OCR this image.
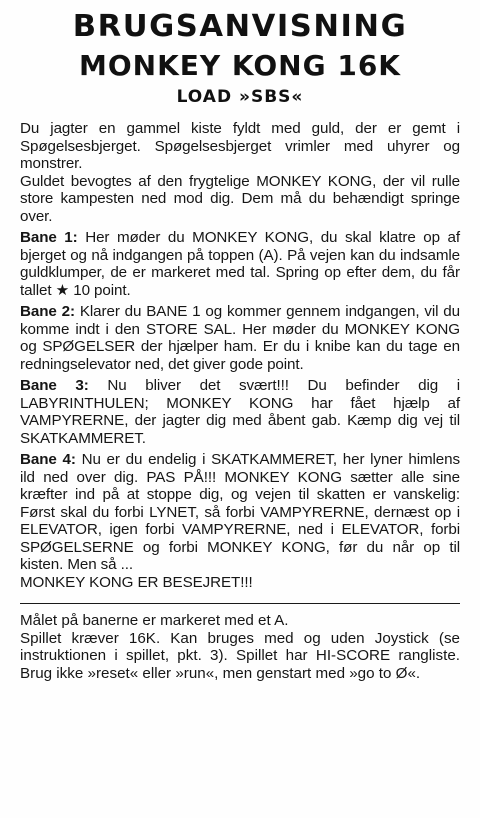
BRUGSANVISNING
MONKEY KONG 16K
LOAD »SBS«

Du jagter en gammel kiste fyldt med guld, der er gemt i Spøgelsesbjerget. Spøgelsesbjerget vrimler med uhyrer og monstrer.

Guldet bevogtes af den frygtelige MONKEY KONG, der vil rulle store kampesten ned mod dig. Dem må du behændigt springe over.

Bane 1: Her møder du MONKEY KONG, du skal klatre op af bjerget og nå indgangen på toppen (A). På vejen kan du indsamle guldklumper, de er markeret med tal. Spring op efter dem, du får tallet ★ 10 point.

Bane 2: Klarer du BANE 1 og kommer gennem indgangen, vil du komme indt i den STORE SAL. Her møder du MONKEY KONG og SPØGELSER der hjælper ham. Er du i knibe kan du tage en redningselevator ned, det giver gode point.

Bane 3: Nu bliver det svært!!! Du befinder dig i LABYRINTHULEN; MONKEY KONG har fået hjælp af VAMPYRERNE, der jagter dig med åbent gab. Kæmp dig vej til SKATKAMMERET.

Bane 4: Nu er du endelig i SKATKAMMERET, her lyner himlens ild ned over dig. PAS PÅ!!! MONKEY KONG sætter alle sine kræfter ind på at stoppe dig, og vejen til skatten er vanskelig: Først skal du forbi LYNET, så forbi VAMPYRERNE, dernæst op i ELEVATOR, igen forbi VAMPYRERNE, ned i ELEVATOR, forbi SPØGELSERNE og forbi MONKEY KONG, før du når op til kisten. Men så ...

MONKEY KONG ER BESEJRET!!!

Målet på banerne er markeret med et A.

Spillet kræver 16K. Kan bruges med og uden Joystick (se instruktionen i spillet, pkt. 3). Spillet har HI-SCORE rangliste. Brug ikke »reset« eller »run«, men genstart med »go to Ø«.
